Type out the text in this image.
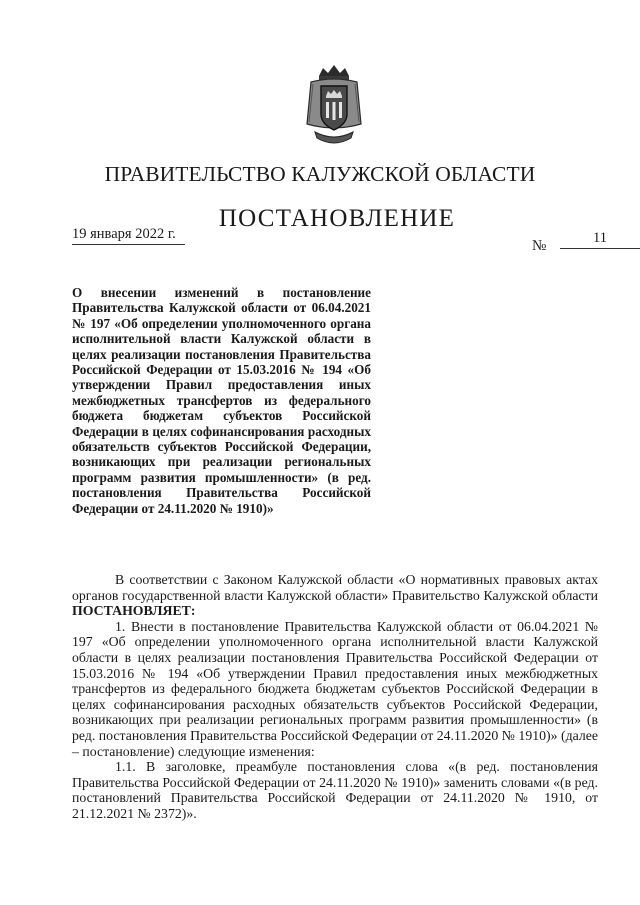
ПРАВИТЕЛЬСТВО КАЛУЖСКОЙ ОБЛАСТИ
ПОСТАНОВЛЕНИЕ
19 января 2022 г.
№	11

О внесении изменений в постановление Правительства Калужской области от 06.04.2021 № 197 «Об определении уполномоченного органа исполнительной власти Калужской области в целях реализации постановления Правительства Российской Федерации от 15.03.2016 № 194 «Об утверждении Правил предоставления иных межбюджетных трансфертов из федерального бюджета бюджетам субъектов Российской Федерации в целях софинансирования расходных обязательств субъектов Российской Федерации, возникающих при реализации региональных программ развития промышленности» (в ред. постановления Правительства Российской Федерации от 24.11.2020 № 1910)»

В соответствии с Законом Калужской области «О нормативных правовых актах органов государственной власти Калужской области» Правительство Калужской области ПОСТАНОВЛЯЕТ:

1. Внести в постановление Правительства Калужской области от 06.04.2021 № 197 «Об определении уполномоченного органа исполнительной власти Калужской области в целях реализации постановления Правительства Российской Федерации от 15.03.2016 № 194 «Об утверждении Правил предоставления иных межбюджетных трансфертов из федерального бюджета бюджетам субъектов Российской Федерации в целях софинансирования расходных обязательств субъектов Российской Федерации, возникающих при реализации региональных программ развития промышленности» (в ред. постановления Правительства Российской Федерации от 24.11.2020 № 1910)» (далее – постановление) следующие изменения:

1.1. В заголовке, преамбуле постановления слова «(в ред. постановления Правительства Российской Федерации от 24.11.2020 № 1910)» заменить словами «(в ред. постановлений Правительства Российской Федерации от 24.11.2020 № 1910, от 21.12.2021 № 2372)».
